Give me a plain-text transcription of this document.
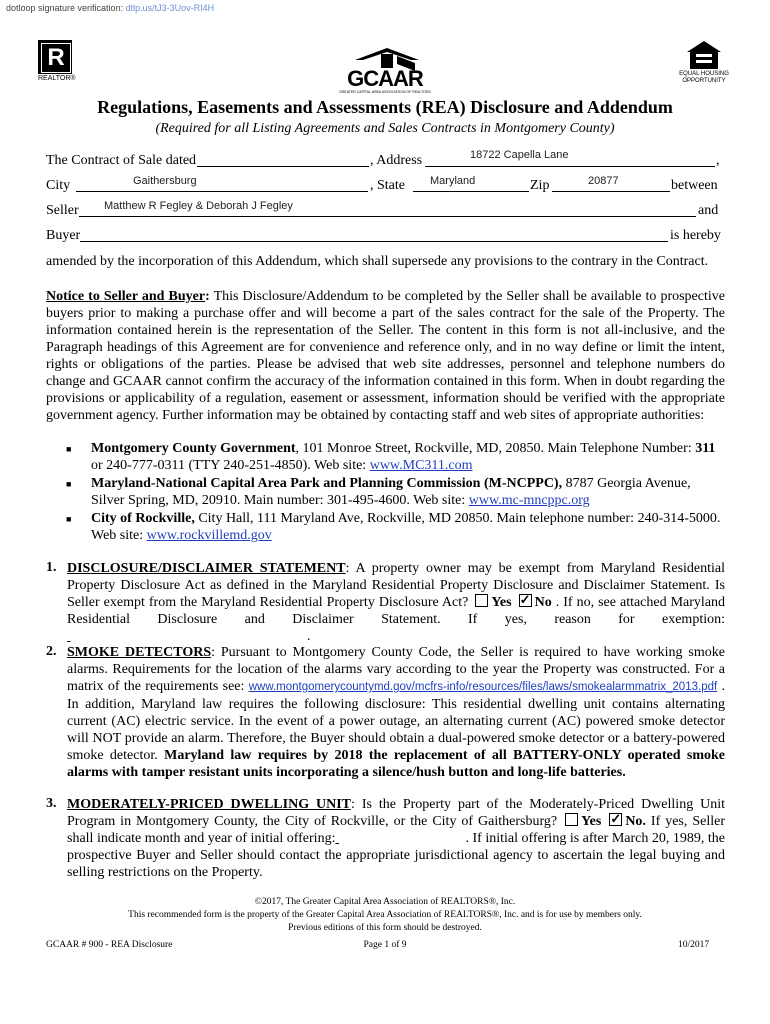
dotloop signature verification: dtlp.us/tJ3-3Uov-RI4H
R
REALTOR®	GCAAR
GREATER CAPITAL AREA ASSOCIATION OF REALTORS
EQUAL HOUSING
OPPORTUNITY
Regulations, Easements and Assessments (REA) Disclosure and Addendum
(Required for all Listing Agreements and Sales Contracts in Montgomery County)
The Contract of Sale dated	, Address	18722 Capella Lane	,
City	Gaithersburg	, State Maryland	Zip	20877	between
Seller Matthew R Fegley & Deborah J Fegley	and
Buyer	is hereby
amended by the incorporation of this Addendum, which shall supersede any provisions to the contrary in the Contract.
Notice to Seller and Buyer: This Disclosure/Addendum to be completed by the Seller shall be available to prospective buyers prior to making a purchase offer and will become a part of the sales contract for the sale of the Property. The information contained herein is the representation of the Seller. The content in this form is not all-inclusive, and the Paragraph headings of this Agreement are for convenience and reference only, and in no way define or limit the intent, rights or obligations of the parties. Please be advised that web site addresses, personnel and telephone numbers do change and GCAAR cannot confirm the accuracy of the information contained in this form. When in doubt regarding the provisions or applicability of a regulation, easement or assessment, information should be verified with the appropriate government agency. Further information may be obtained by contacting staff and web sites of appropriate authorities:
■ Montgomery County Government, 101 Monroe Street, Rockville, MD, 20850. Main Telephone Number: 311 or 240-777-0311 (TTY 240-251-4850). Web site: www.MC311.com
■ Maryland-National Capital Area Park and Planning Commission (M-NCPPC), 8787 Georgia Avenue, Silver Spring, MD, 20910. Main number: 301-495-4600. Web site: www.mc-mncppc.org
■ City of Rockville, City Hall, 111 Maryland Ave, Rockville, MD 20850. Main telephone number: 240-314-5000. Web site: www.rockvillemd.gov
1. DISCLOSURE/DISCLAIMER STATEMENT: A property owner may be exempt from Maryland Residential Property Disclosure Act as defined in the Maryland Residential Property Disclosure and Disclaimer Statement. Is Seller exempt from the Maryland Residential Property Disclosure Act? Yes ✓ No . If no, see attached Maryland Residential Disclosure and Disclaimer Statement. If yes, reason for exemption: .
2. SMOKE DETECTORS: Pursuant to Montgomery County Code, the Seller is required to have working smoke alarms. Requirements for the location of the alarms vary according to the year the Property was constructed. For a matrix of the requirements see: www.montgomerycountymd.gov/mcfrs-info/resources/files/laws/smokealarmmatrix_2013.pdf . In addition, Maryland law requires the following disclosure: This residential dwelling unit contains alternating current (AC) electric service. In the event of a power outage, an alternating current (AC) powered smoke detector will NOT provide an alarm. Therefore, the Buyer should obtain a dual-powered smoke detector or a battery-powered smoke detector. Maryland law requires by 2018 the replacement of all BATTERY-ONLY operated smoke alarms with tamper resistant units incorporating a silence/hush button and long-life batteries.
3. MODERATELY-PRICED DWELLING UNIT: Is the Property part of the Moderately-Priced Dwelling Unit Program in Montgomery County, the City of Rockville, or the City of Gaithersburg? Yes ✓ No. If yes, Seller shall indicate month and year of initial offering:	. If initial offering is after March 20, 1989, the prospective Buyer and Seller should contact the appropriate jurisdictional agency to ascertain the legal buying and selling restrictions on the Property.
©2017, The Greater Capital Area Association of REALTORS®, Inc.
This recommended form is the property of the Greater Capital Area Association of REALTORS®, Inc. and is for use by members only.
Previous editions of this form should be destroyed.
GCAAR # 900 - REA Disclosure	Page 1 of 9	10/2017
